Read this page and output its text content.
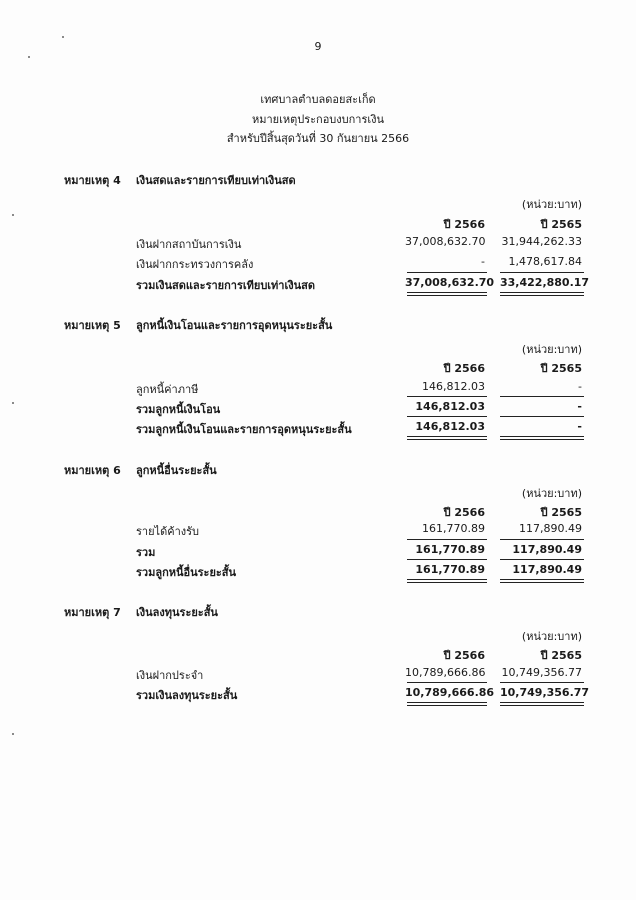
9
เทศบาลตำบลดอยสะเก็ด
หมายเหตุประกอบงบการเงิน
สำหรับปีสิ้นสุดวันที่ 30 กันยายน 2566
หมายเหตุ 4 เงินสดและรายการเทียบเท่าเงินสด
(หน่วย:บาท)
ปี 2566	ปี 2565
เงินฝากสถาบันการเงิน	37,008,632.70 31,944,262.33
เงินฝากกระทรวงการคลัง	-	1,478,617.84
รวมเงินสดและรายการเทียบเท่าเงินสด	37,008,632.70 33,422,880.17
หมายเหตุ 5 ลูกหนี้เงินโอนและรายการอุดหนุนระยะสั้น
(หน่วย:บาท)
ปี 2566	ปี 2565
ลูกหนี้ค่าภาษี	146,812.03	-
รวมลูกหนี้เงินโอน	146,812.03	-
รวมลูกหนี้เงินโอนและรายการอุดหนุนระยะสั้น	146,812.03	-
หมายเหตุ 6 ลูกหนี้อื่นระยะสั้น
(หน่วย:บาท)
ปี 2566	ปี 2565
รายได้ค้างรับ	161,770.89	117,890.49
รวม	161,770.89	117,890.49
รวมลูกหนี้อื่นระยะสั้น	161,770.89	117,890.49
หมายเหตุ 7 เงินลงทุนระยะสั้น
(หน่วย:บาท)
ปี 2566	ปี 2565
เงินฝากประจำ	10,789,666.86 10,749,356.77
รวมเงินลงทุนระยะสั้น	10,789,666.86 10,749,356.77
